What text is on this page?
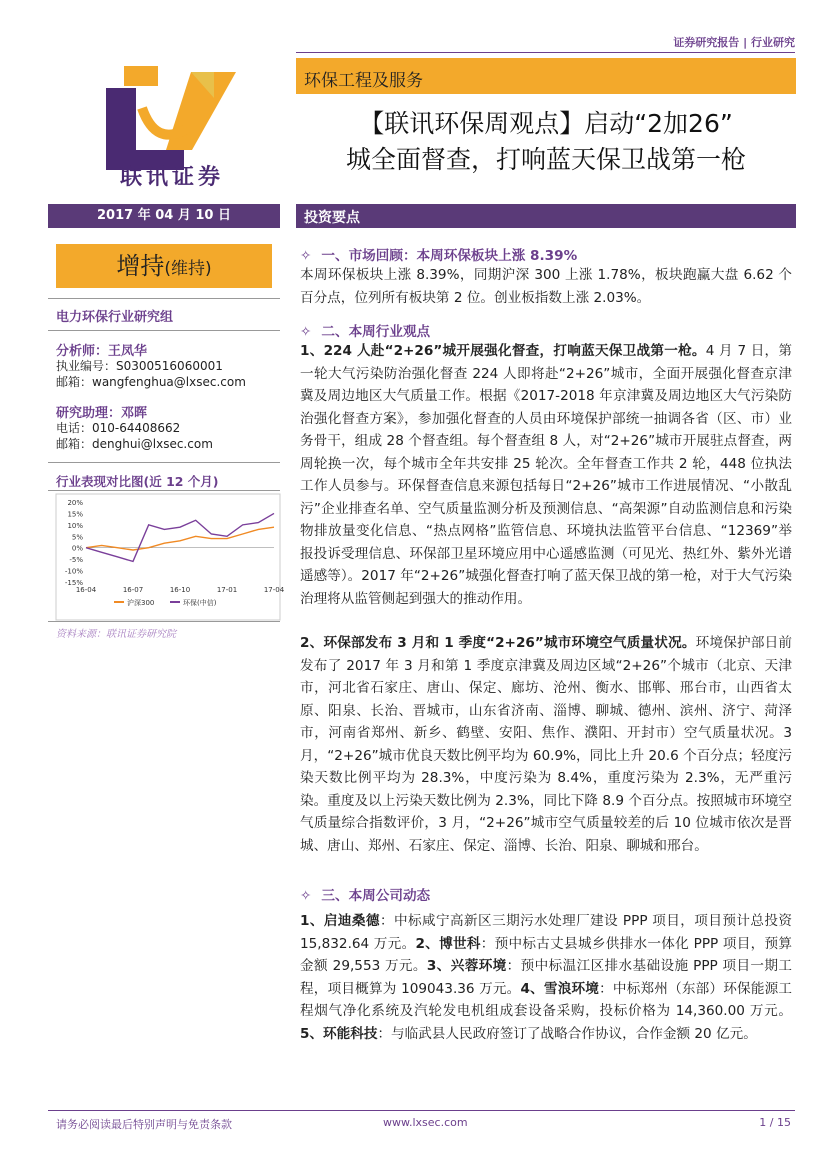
证券研究报告 | 行业研究
联讯证券
环保工程及服务
【联讯环保周观点】启动“2加26”
城全面督查，打响蓝天保卫战第一枪
2017 年 04 月 10 日	投资要点
增持(维持)
电力环保行业研究组
分析师：王凤华
执业编号：S0300516060001
邮箱：wangfenghua@lxsec.com
研究助理：邓晖
电话：010-64408662
邮箱：denghui@lxsec.com
行业表现对比图(近 12 个月)
20%
15%
10%
5%
0%
-5%
-10%
-15%
16-04	16-07	16-10	17-01	17-04
沪深300	环保(中信)
资料来源：联讯证券研究院
✧ 一、市场回顾：本周环保板块上涨 8.39%
本周环保板块上涨 8.39%，同期沪深 300 上涨 1.78%，板块跑赢大盘 6.62 个百分点，位列所有板块第 2 位。创业板指数上涨 2.03%。
✧ 二、本周行业观点
1、224 人赴“2+26”城开展强化督查，打响蓝天保卫战第一枪。4 月 7 日，第一轮大气污染防治强化督查 224 人即将赴“2+26”城市，全面开展强化督查京津冀及周边地区大气质量工作。根据《2017-2018 年京津冀及周边地区大气污染防治强化督查方案》，参加强化督查的人员由环境保护部统一抽调各省（区、市）业务骨干，组成 28 个督查组。每个督查组 8 人，对“2+26”城市开展驻点督查，两周轮换一次，每个城市全年共安排 25 轮次。全年督查工作共 2 轮，448 位执法工作人员参与。环保督查信息来源包括每日“2+26”城市工作进展情况、“小散乱污”企业排查名单、空气质量监测分析及预测信息、“高架源”自动监测信息和污染物排放量变化信息、“热点网格”监管信息、环境执法监管平台信息、“12369”举报投诉受理信息、环保部卫星环境应用中心遥感监测（可见光、热红外、紫外光谱遥感等）。2017 年“2+26”城强化督查打响了蓝天保卫战的第一枪，对于大气污染治理将从监管侧起到强大的推动作用。
2、环保部发布 3 月和 1 季度“2+26”城市环境空气质量状况。环境保护部日前发布了 2017 年 3 月和第 1 季度京津冀及周边区域“2+26”个城市（北京、天津市，河北省石家庄、唐山、保定、廊坊、沧州、衡水、邯郸、邢台市，山西省太原、阳泉、长治、晋城市，山东省济南、淄博、聊城、德州、滨州、济宁、菏泽市，河南省郑州、新乡、鹤壁、安阳、焦作、濮阳、开封市）空气质量状况。3 月，“2+26”城市优良天数比例平均为 60.9%，同比上升 20.6 个百分点；轻度污染天数比例平均为 28.3%，中度污染为 8.4%，重度污染为 2.3%，无严重污染。重度及以上污染天数比例为 2.3%，同比下降 8.9 个百分点。按照城市环境空气质量综合指数评价，3 月，“2+26”城市空气质量较差的后 10 位城市依次是晋城、唐山、郑州、石家庄、保定、淄博、长治、阳泉、聊城和邢台。
✧ 三、本周公司动态
1、启迪桑德：中标咸宁高新区三期污水处理厂建设 PPP 项目，项目预计总投资 15,832.64 万元。2、博世科：预中标古丈县城乡供排水一体化 PPP 项目，预算金额 29,553 万元。3、兴蓉环境：预中标温江区排水基础设施 PPP 项目一期工程，项目概算为 109043.36 万元。4、雪浪环境：中标郑州（东部）环保能源工程烟气净化系统及汽轮发电机组成套设备采购，投标价格为 14,360.00 万元。5、环能科技：与临武县人民政府签订了战略合作协议，合作金额 20 亿元。
请务必阅读最后特别声明与免责条款	www.lxsec.com	1 / 15
